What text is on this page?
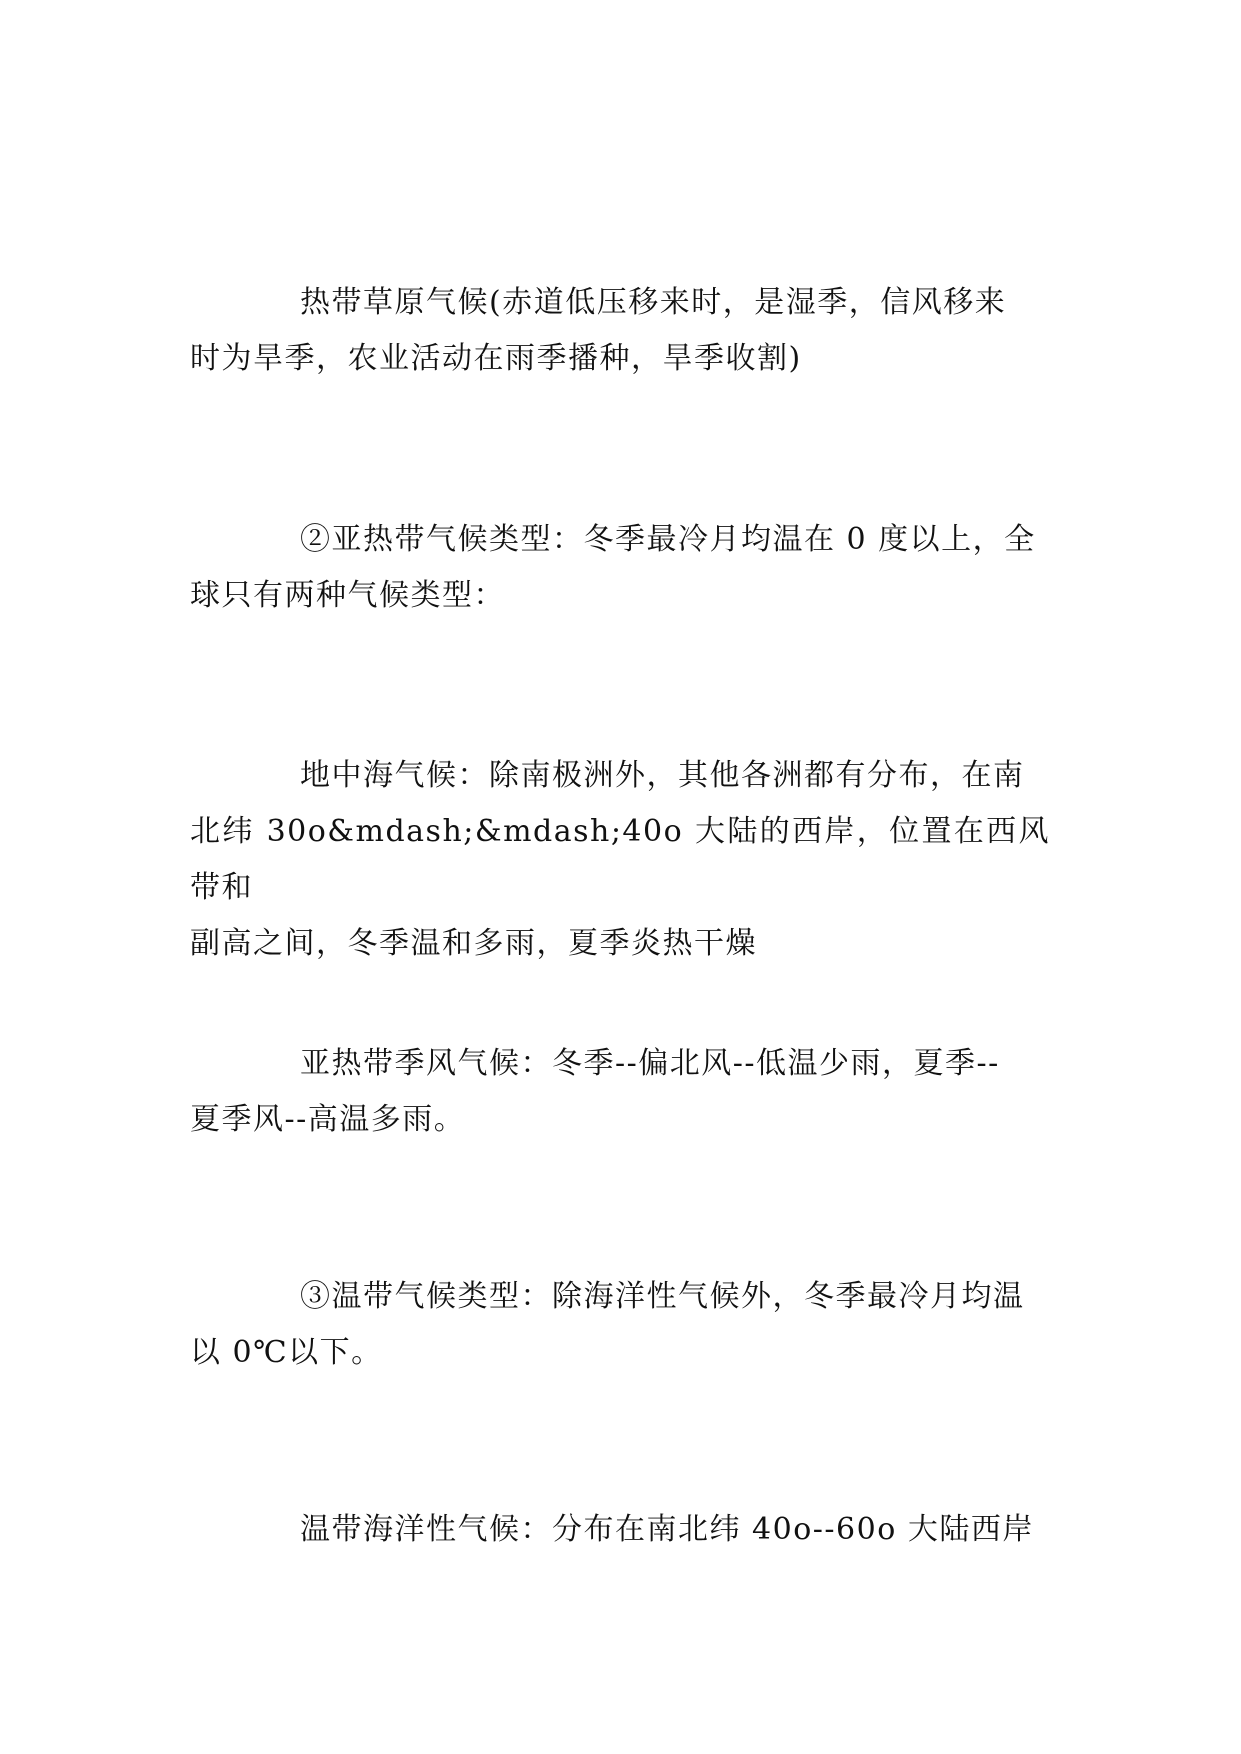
热带草原气候(赤道低压移来时，是湿季，信风移来
时为旱季，农业活动在雨季播种，旱季收割)
②亚热带气候类型：冬季最冷月均温在 0 度以上，全
球只有两种气候类型：
地中海气候：除南极洲外，其他各洲都有分布，在南
北纬 30o&mdash;&mdash;40o 大陆的西岸，位置在西风带和
副高之间，冬季温和多雨，夏季炎热干燥
亚热带季风气候：冬季--偏北风--低温少雨，夏季--
夏季风--高温多雨。
③温带气候类型：除海洋性气候外，冬季最冷月均温
以 0℃以下。
温带海洋性气候：分布在南北纬 40o--60o 大陆西岸
